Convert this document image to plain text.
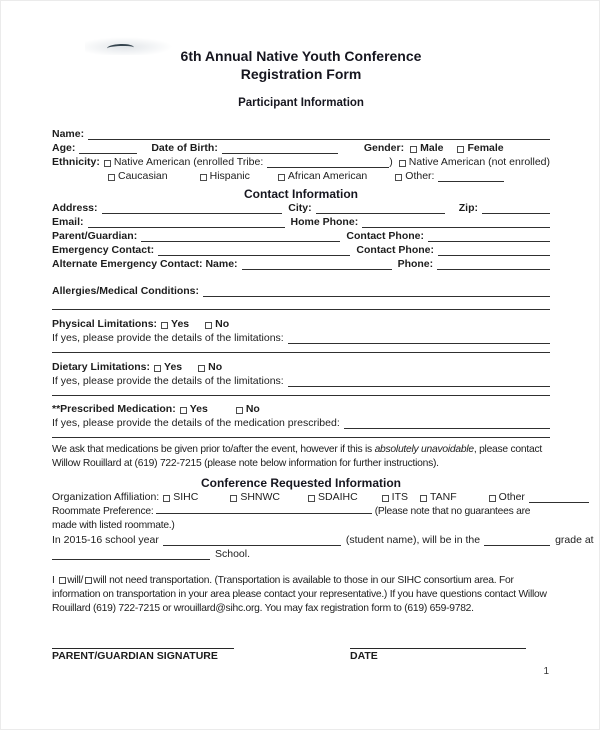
6th Annual Native Youth Conference
Registration Form
Participant Information
Name:
Age:	Date of Birth:	Gender: Male Female
Ethnicity: Native American (enrolled Tribe:	) Native American (not enrolled)
Caucasian	Hispanic	African American	Other:
Contact Information
Address:	City:	Zip:
Email:	Home Phone:
Parent/Guardian:	Contact Phone:
Emergency Contact:	Contact Phone:
Alternate Emergency Contact: Name:	Phone:
Allergies/Medical Conditions:
Physical Limitations: Yes No
If yes, please provide the details of the limitations:
Dietary Limitations: Yes No
If yes, please provide the details of the limitations:
**Prescribed Medication: Yes	No
If yes, please provide the details of the medication prescribed:

We ask that medications be given prior to/after the event, however if this is absolutely unavoidable, please contact Willow Rouillard at (619) 722-7215 (please note below information for further instructions).

Conference Requested Information
Organization Affiliation: SIHC	SHNWC	SDAIHC	ITS TANF	Other

Roommate Preference:	(Please note that no guarantees are made with listed roommate.)

In 2015-16 school year	(student name), will be in the	grade at
School.

I will/ will not need transportation. (Transportation is available to those in our SIHC consortium area. For information on transportation in your area please contact your representative.) If you have questions contact Willow Rouillard (619) 722-7215 or wrouillard@sihc.org. You may fax registration form to (619) 659-9782.

PARENT/GUARDIAN SIGNATURE	DATE
1
